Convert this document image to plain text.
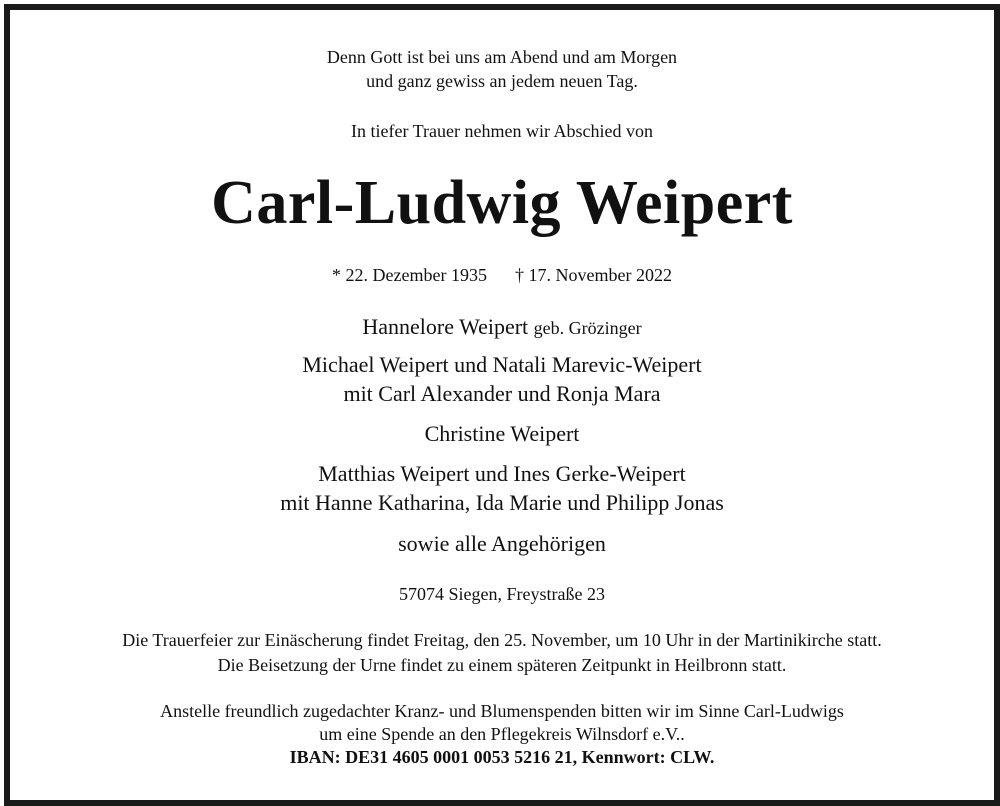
Denn Gott ist bei uns am Abend und am Morgen

und ganz gewiss an jedem neuen Tag.

In tiefer Trauer nehmen wir Abschied von

Carl-Ludwig Weipert

* 22. Dezember 1935 † 17. November 2022

Hannelore Weipert geb. Grözinger

Michael Weipert und Natali Marevic-Weipert

mit Carl Alexander und Ronja Mara

Christine Weipert

Matthias Weipert und Ines Gerke-Weipert

mit Hanne Katharina, Ida Marie und Philipp Jonas

sowie alle Angehörigen

57074 Siegen, Freystraße 23

Die Trauerfeier zur Einäscherung findet Freitag, den 25. November, um 10 Uhr in der Martinikirche statt.

Die Beisetzung der Urne findet zu einem späteren Zeitpunkt in Heilbronn statt.

Anstelle freundlich zugedachter Kranz- und Blumenspenden bitten wir im Sinne Carl-Ludwigs

um eine Spende an den Pflegekreis Wilnsdorf e.V..

IBAN: DE31 4605 0001 0053 5216 21, Kennwort: CLW.
